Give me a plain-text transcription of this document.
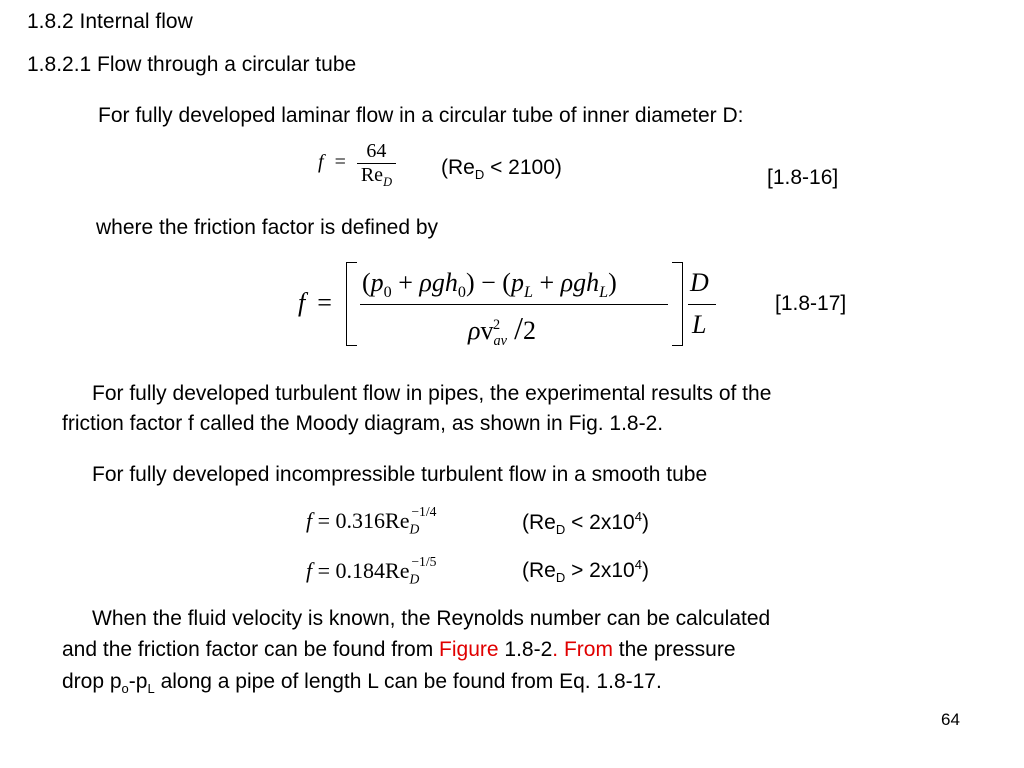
1.8.2 Internal flow
1.8.2.1 Flow through a circular tube
For fully developed laminar flow in a circular tube of inner diameter D:
$f = \frac{64}{Re_D} (Re_D < 2100)$	[1.8-16]
where the friction factor is defined by
f =
$(p_0 + \rho gh_0) - (p_L + \rho gh_L)$
$\rho v_{av}^2$ /2
D
L
[1.8-17]
For fully developed turbulent flow in pipes, the experimental results of the
friction factor f called the Moody diagram, as shown in Fig. 1.8-2.
For fully developed incompressible turbulent flow in a smooth tube
$f = 0.316Re_D^{-1/4}$	$(Re_D < 2x10^4)$
$f = 0.184Re_D^{-1/5}$	$(Re_D > 2x10^4)$
When the fluid velocity is known, the Reynolds number can be calculated
and the friction factor can be found from Figure 1.8-2. From the pressure
drop $p_o-p_L$ along a pipe of length L can be found from Eq. 1.8-17.
64
